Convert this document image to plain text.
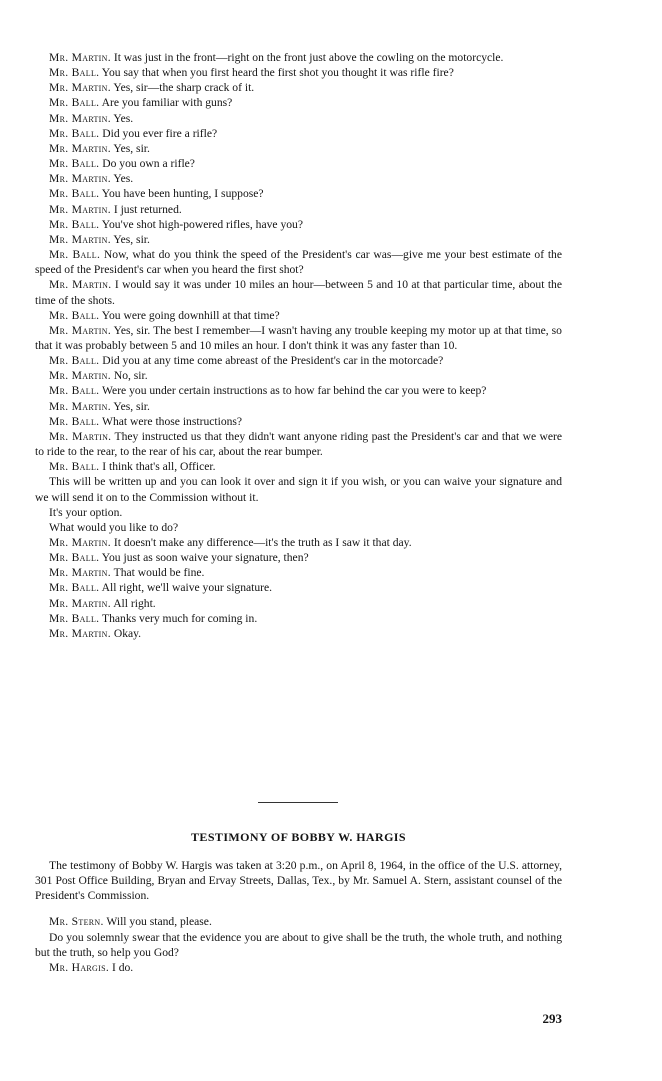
Mr. Martin. It was just in the front—right on the front just above the cowling on the motorcycle.

Mr. Ball. You say that when you first heard the first shot you thought it was rifle fire?

Mr. Martin. Yes, sir—the sharp crack of it.

Mr. Ball. Are you familiar with guns?

Mr. Martin. Yes.

Mr. Ball. Did you ever fire a rifle?

Mr. Martin. Yes, sir.

Mr. Ball. Do you own a rifle?

Mr. Martin. Yes.

Mr. Ball. You have been hunting, I suppose?

Mr. Martin. I just returned.

Mr. Ball. You've shot high-powered rifles, have you?

Mr. Martin. Yes, sir.

Mr. Ball. Now, what do you think the speed of the President's car was—give me your best estimate of the speed of the President's car when you heard the first shot?

Mr. Martin. I would say it was under 10 miles an hour—between 5 and 10 at that particular time, about the time of the shots.

Mr. Ball. You were going downhill at that time?

Mr. Martin. Yes, sir. The best I remember—I wasn't having any trouble keeping my motor up at that time, so that it was probably between 5 and 10 miles an hour. I don't think it was any faster than 10.

Mr. Ball. Did you at any time come abreast of the President's car in the motorcade?

Mr. Martin. No, sir.

Mr. Ball. Were you under certain instructions as to how far behind the car you were to keep?

Mr. Martin. Yes, sir.

Mr. Ball. What were those instructions?

Mr. Martin. They instructed us that they didn't want anyone riding past the President's car and that we were to ride to the rear, to the rear of his car, about the rear bumper.

Mr. Ball. I think that's all, Officer.

This will be written up and you can look it over and sign it if you wish, or you can waive your signature and we will send it on to the Commission without it.

It's your option.

What would you like to do?

Mr. Martin. It doesn't make any difference—it's the truth as I saw it that day.

Mr. Ball. You just as soon waive your signature, then?

Mr. Martin. That would be fine.

Mr. Ball. All right, we'll waive your signature.

Mr. Martin. All right.

Mr. Ball. Thanks very much for coming in.

Mr. Martin. Okay.

TESTIMONY OF BOBBY W. HARGIS

The testimony of Bobby W. Hargis was taken at 3:20 p.m., on April 8, 1964, in the office of the U.S. attorney, 301 Post Office Building, Bryan and Ervay Streets, Dallas, Tex., by Mr. Samuel A. Stern, assistant counsel of the President's Commission.

Mr. Stern. Will you stand, please.

Do you solemnly swear that the evidence you are about to give shall be the truth, the whole truth, and nothing but the truth, so help you God?

Mr. Hargis. I do.

293
